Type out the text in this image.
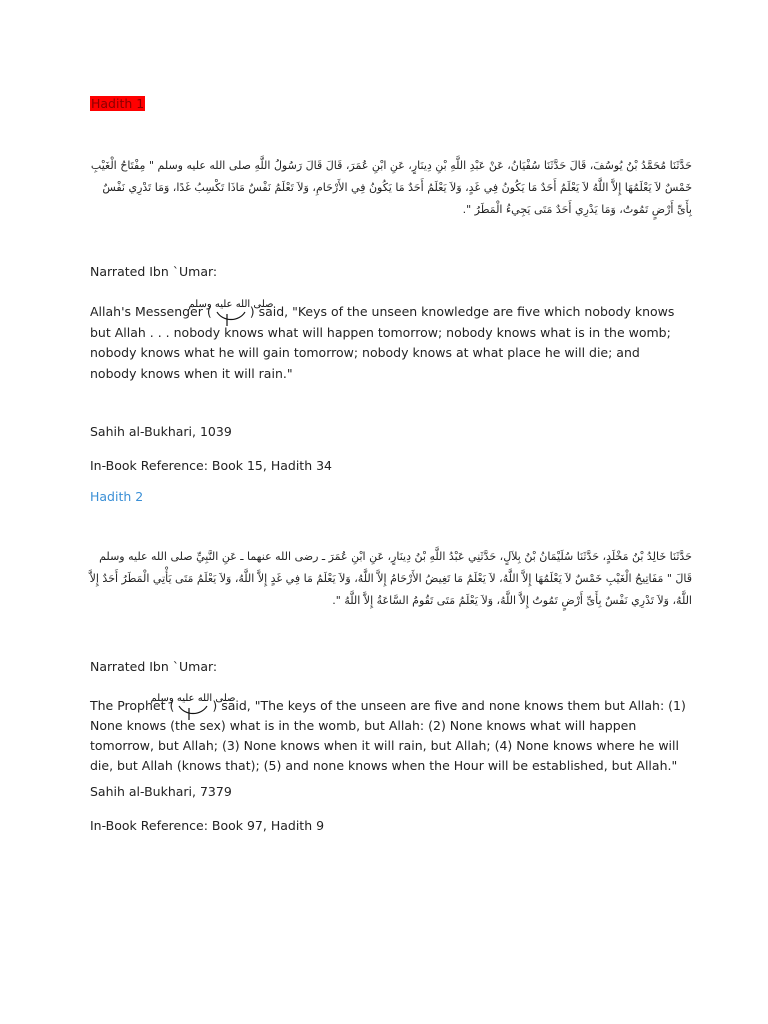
Hadith 1
حَدَّثَنَا مُحَمَّدُ بْنُ يُوسُفَ، قَالَ حَدَّثَنَا سُفْيَانُ، عَنْ عَبْدِ اللَّهِ بْنِ دِينَارٍ، عَنِ ابْنِ عُمَرَ، قَالَ قَالَ رَسُولُ اللَّهِ صلى الله عليه وسلم " مِفْتَاحُ الْغَيْبِ خَمْسٌ لاَ يَعْلَمُهَا إِلاَّ اللَّهُ لاَ يَعْلَمُ أَحَدٌ مَا يَكُونُ فِي غَدٍ، وَلاَ يَعْلَمُ أَحَدٌ مَا يَكُونُ فِي الأَرْحَامِ، وَلاَ تَعْلَمُ نَفْسٌ مَاذَا تَكْسِبُ غَدًا، وَمَا تَدْرِي نَفْسٌ بِأَىِّ أَرْضٍ تَمُوتُ، وَمَا يَدْرِي أَحَدٌ مَتَى يَجِيءُ الْمَطَرُ ".
Narrated Ibn `Umar:
Allah's Messenger (
صلى الله عليه وسلم
) said, "Keys of the unseen knowledge are five which nobody knows but Allah . . . nobody knows what will happen tomorrow; nobody knows what is in the womb; nobody knows what he will gain tomorrow; nobody knows at what place he will die; and nobody knows when it will rain."
Sahih al-Bukhari, 1039
In-Book Reference: Book 15, Hadith 34
Hadith 2
حَدَّثَنَا خَالِدُ بْنُ مَخْلَدٍ، حَدَّثَنَا سُلَيْمَانُ بْنُ بِلاَلٍ، حَدَّثَنِي عَبْدُ اللَّهِ بْنُ دِينَارٍ، عَنِ ابْنِ عُمَرَ ـ رضى الله عنهما ـ عَنِ النَّبِيِّ صلى الله عليه وسلم قَالَ " مَفَاتِيحُ الْغَيْبِ خَمْسٌ لاَ يَعْلَمُهَا إِلاَّ اللَّهُ، لاَ يَعْلَمُ مَا تَغِيضُ الأَرْحَامُ إِلاَّ اللَّهُ، وَلاَ يَعْلَمُ مَا فِي غَدٍ إِلاَّ اللَّهُ، وَلاَ يَعْلَمُ مَتَى يَأْتِي الْمَطَرُ أَحَدٌ إِلاَّ اللَّهُ، وَلاَ تَدْرِي نَفْسٌ بِأَىِّ أَرْضٍ تَمُوتُ إِلاَّ اللَّهُ، وَلاَ يَعْلَمُ مَتَى تَقُومُ السَّاعَةُ إِلاَّ اللَّهُ ".
Narrated Ibn `Umar:
The Prophet (
صلى الله عليه وسلم
) said, "The keys of the unseen are five and none knows them but Allah: (1) None knows (the sex) what is in the womb, but Allah: (2) None knows what will happen tomorrow, but Allah; (3) None knows when it will rain, but Allah; (4) None knows where he will die, but Allah (knows that); (5) and none knows when the Hour will be established, but Allah."
Sahih al-Bukhari, 7379
In-Book Reference: Book 97, Hadith 9
